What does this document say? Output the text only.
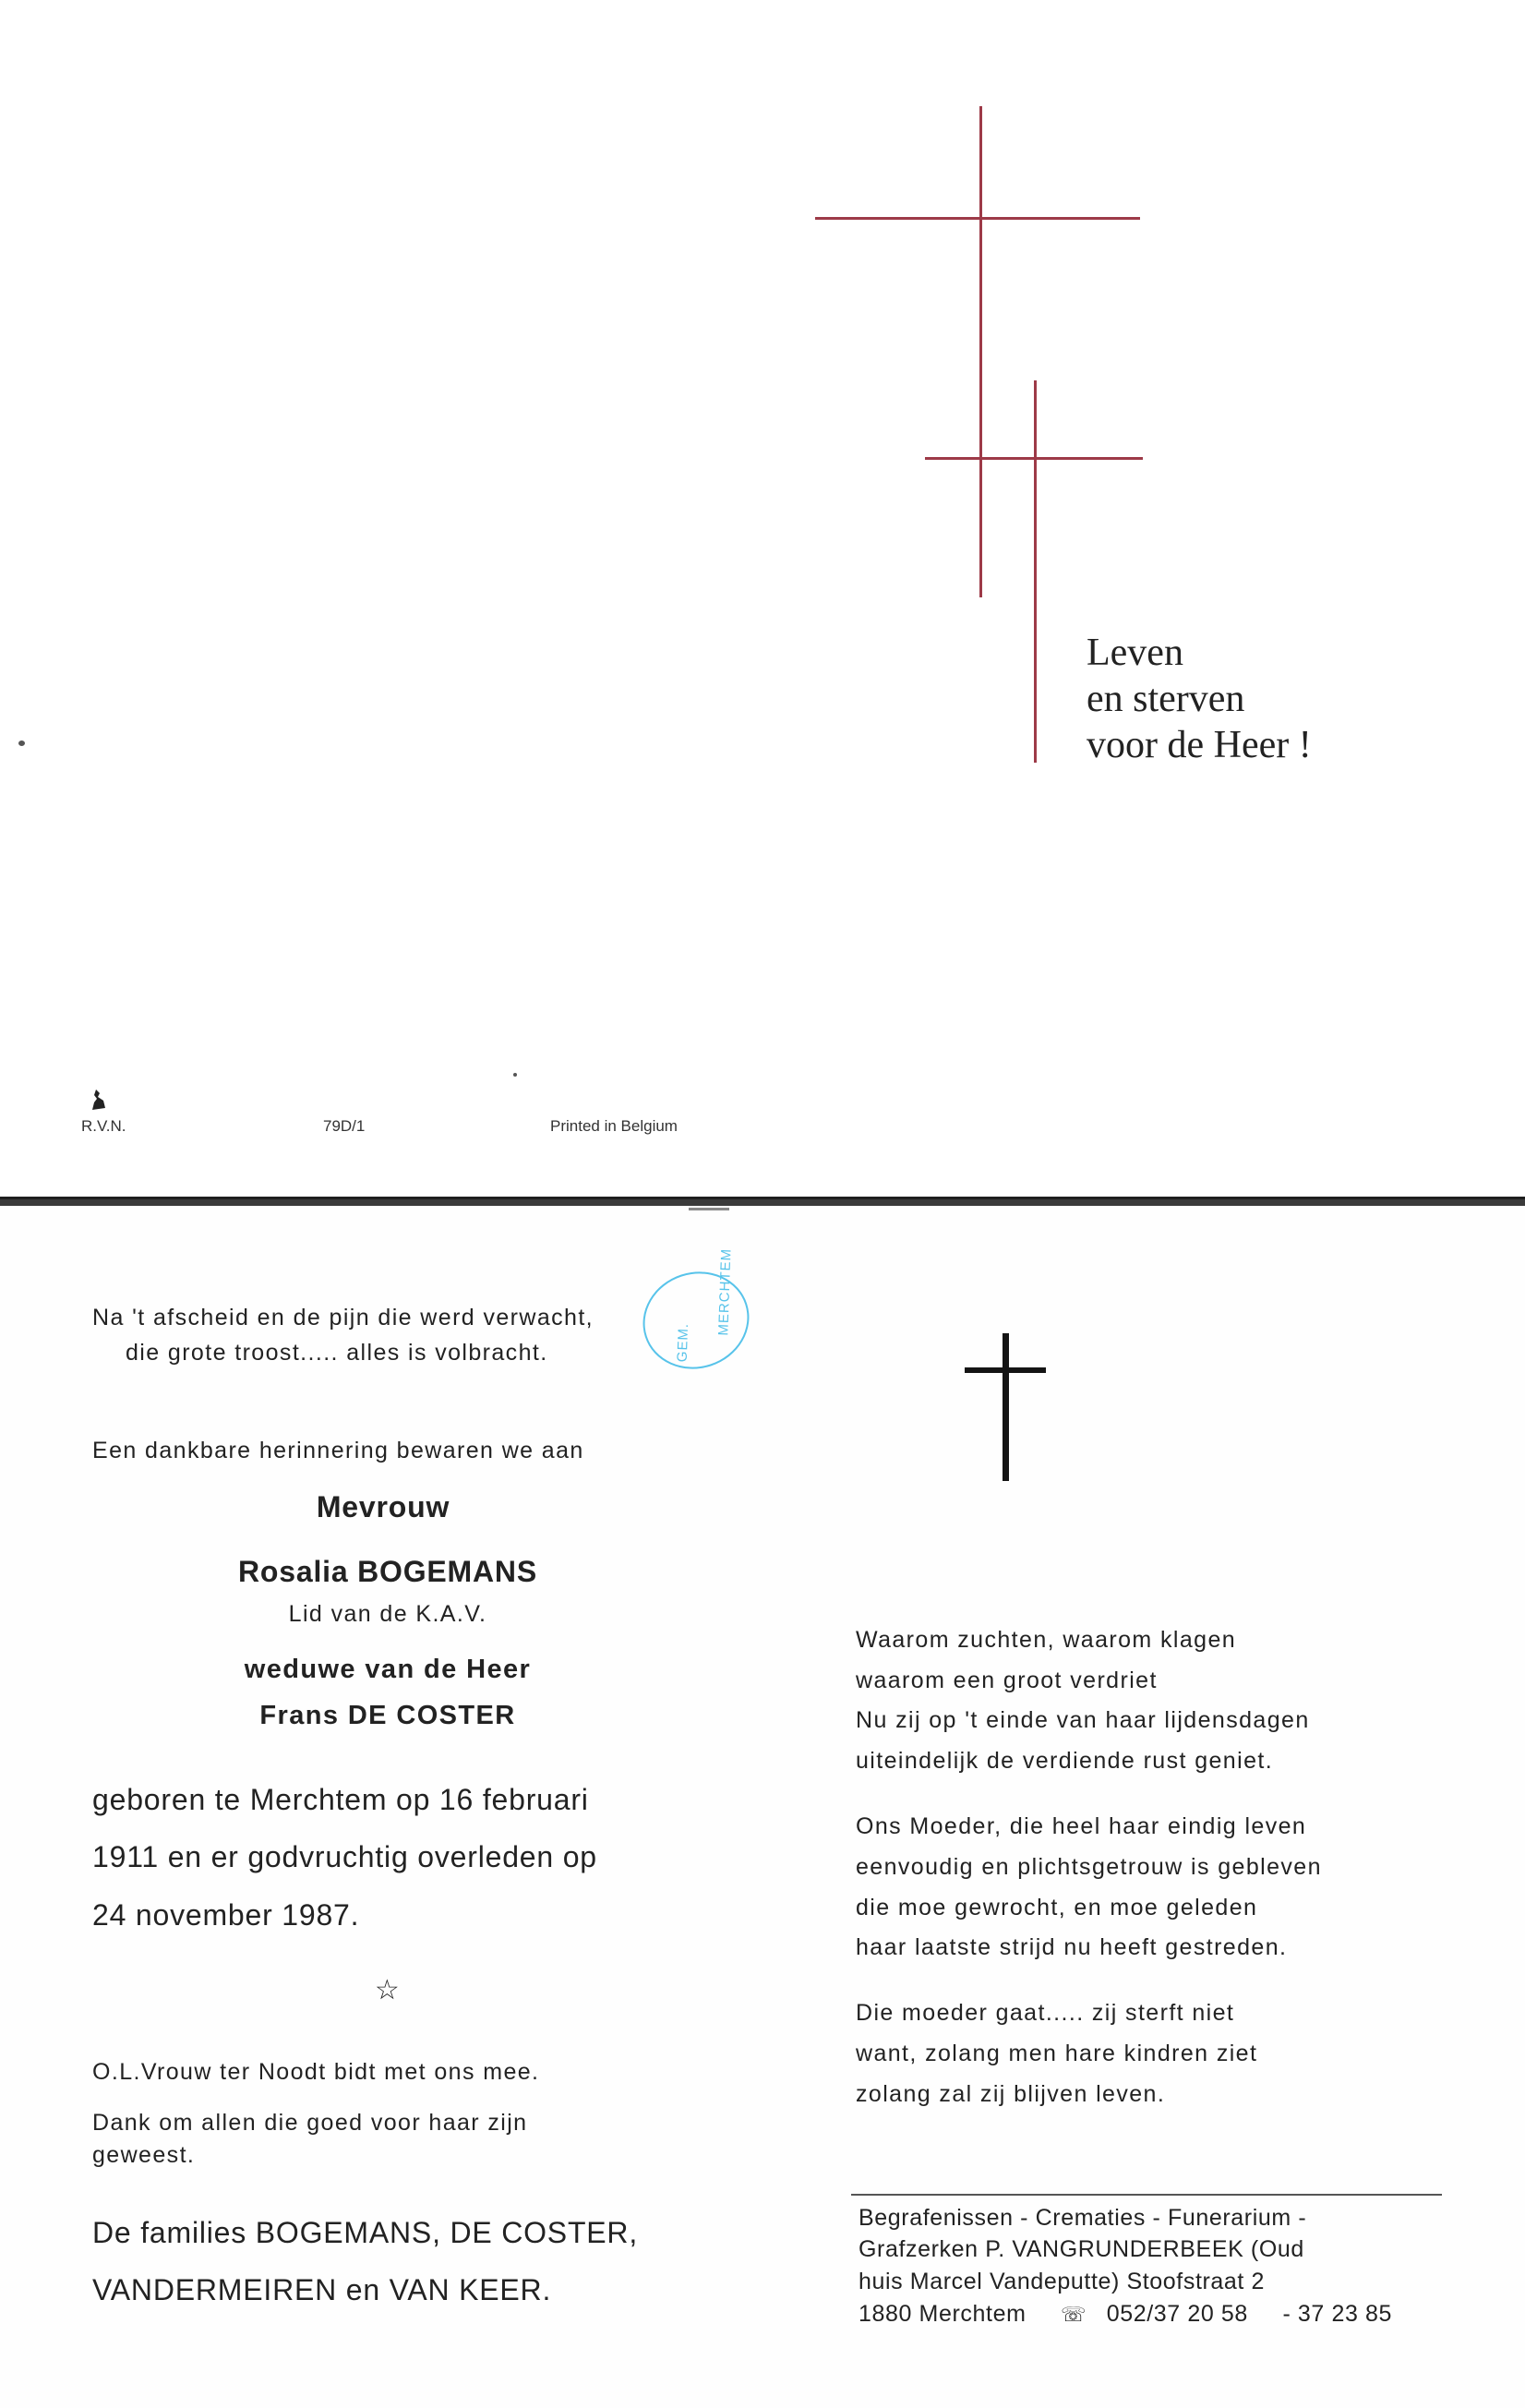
Leven
en sterven
voor de Heer !
R.V.N.	79D/1	Printed in Belgium
Na 't afscheid en de pijn die werd verwacht,
die grote troost..... alles is volbracht.
MERCHTEM
GEM.
Een dankbare herinnering bewaren we aan
Mevrouw
Rosalia BOGEMANS
Lid van de K.A.V.
weduwe van de Heer
Frans DE COSTER
geboren te Merchtem op 16 februari
1911 en er godvruchtig overleden op
24 november 1987.
☆
O.L.Vrouw ter Noodt bidt met ons mee.
Dank om allen die goed voor haar zijn
geweest.
De families BOGEMANS, DE COSTER,
VANDERMEIREN en VAN KEER.
Waarom zuchten, waarom klagen
waarom een groot verdriet
Nu zij op 't einde van haar lijdensdagen
uiteindelijk de verdiende rust geniet.
Ons Moeder, die heel haar eindig leven
eenvoudig en plichtsgetrouw is gebleven
die moe gewrocht, en moe geleden
haar laatste strijd nu heeft gestreden.
Die moeder gaat..... zij sterft niet
want, zolang men hare kindren ziet
zolang zal zij blijven leven.
Begrafenissen - Crematies - Funerarium -
Grafzerken P. VANGRUNDERBEEK (Oud
huis Marcel Vandeputte) Stoofstraat 2
1880 Merchtem ☏ 052/37 20 58 - 37 23 85
